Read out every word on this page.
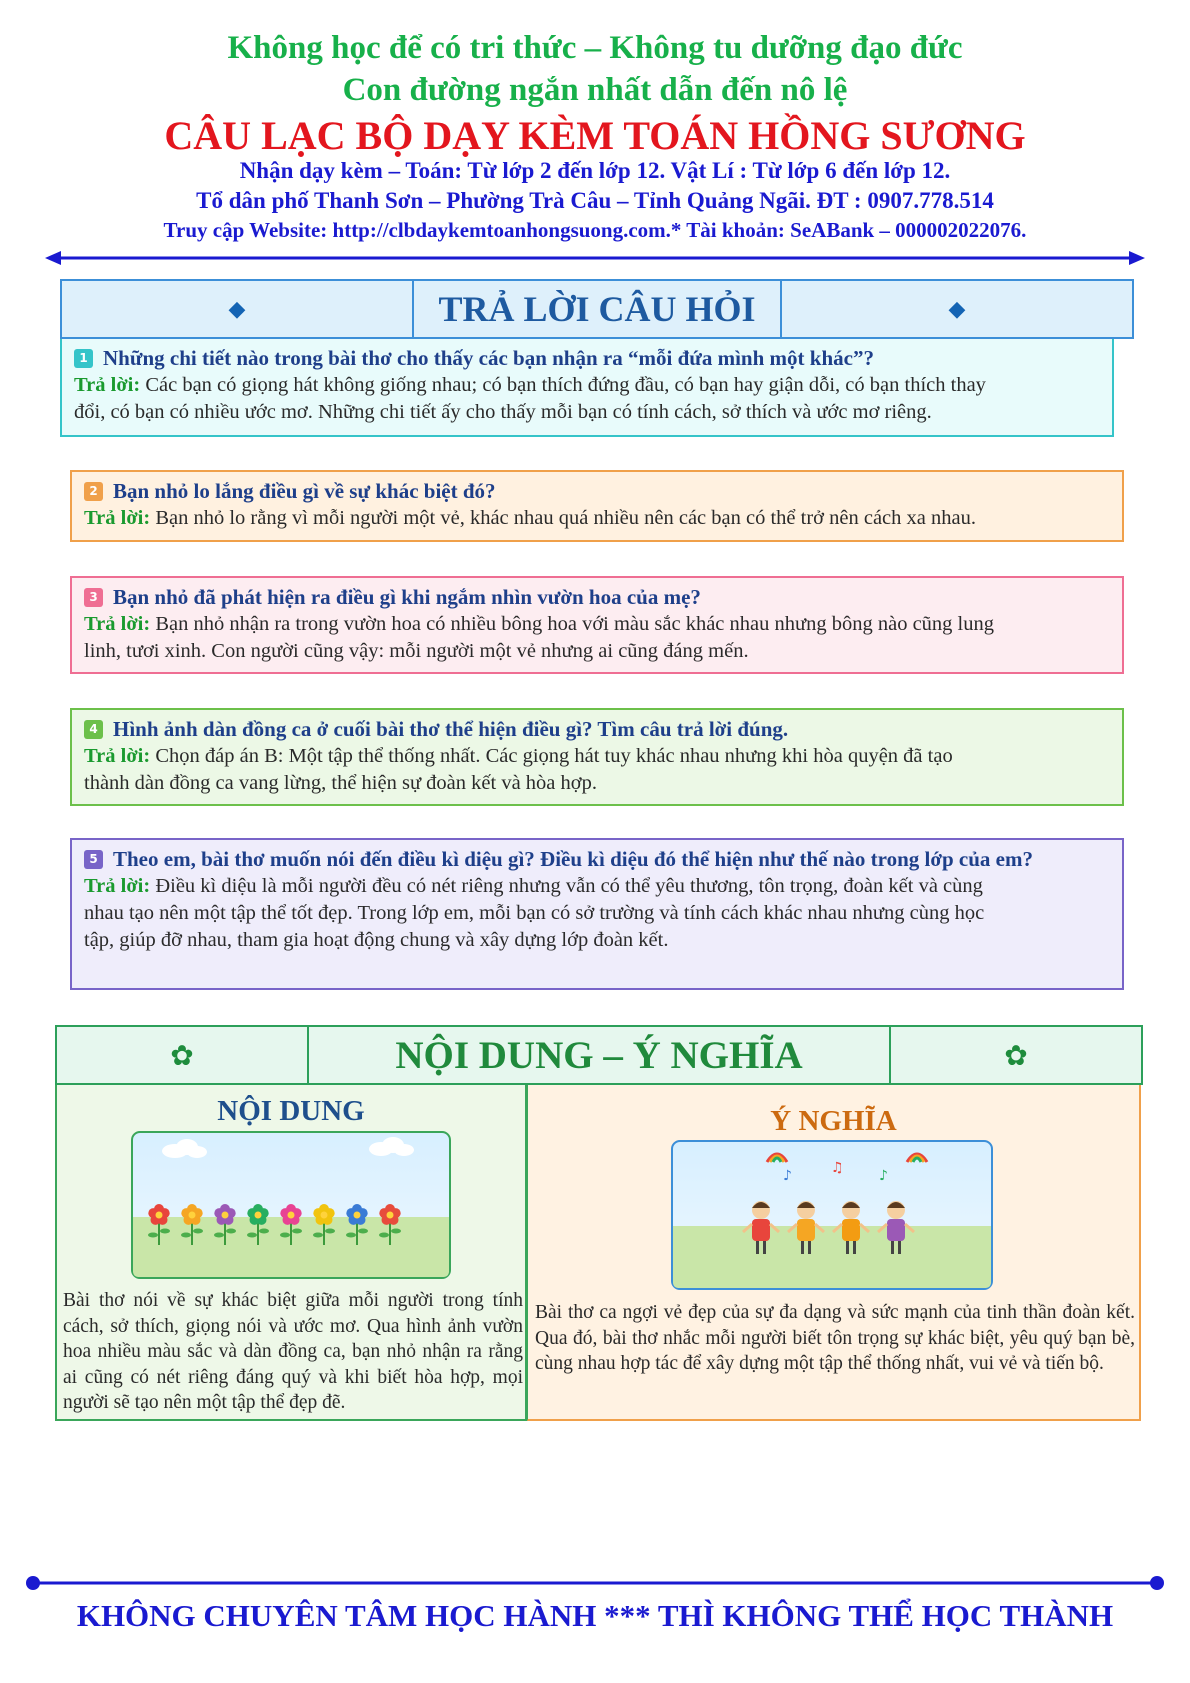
Không học để có tri thức – Không tu dưỡng đạo đức
Con đường ngắn nhất dẫn đến nô lệ
CÂU LẠC BỘ DẠY KÈM TOÁN HỒNG SƯƠNG
Nhận dạy kèm – Toán: Từ lớp 2 đến lớp 12. Vật Lí : Từ lớp 6 đến lớp 12.
Tổ dân phố Thanh Sơn – Phường Trà Câu – Tỉnh Quảng Ngãi. ĐT : 0907.778.514
Truy cập Website: http://clbdaykemtoanhongsuong.com.* Tài khoản: SeABank – 000002022076.
◆	TRẢ LỜI CÂU HỎI	◆
1 Những chi tiết nào trong bài thơ cho thấy các bạn nhận ra “mỗi đứa mình một khác”?
Trả lời: Các bạn có giọng hát không giống nhau; có bạn thích đứng đầu, có bạn hay giận dỗi, có bạn thích thay
đổi, có bạn có nhiều ước mơ. Những chi tiết ấy cho thấy mỗi bạn có tính cách, sở thích và ước mơ riêng.
2 Bạn nhỏ lo lắng điều gì về sự khác biệt đó?
Trả lời: Bạn nhỏ lo rằng vì mỗi người một vẻ, khác nhau quá nhiều nên các bạn có thể trở nên cách xa nhau.
3 Bạn nhỏ đã phát hiện ra điều gì khi ngắm nhìn vườn hoa của mẹ?
Trả lời: Bạn nhỏ nhận ra trong vườn hoa có nhiều bông hoa với màu sắc khác nhau nhưng bông nào cũng lung
linh, tươi xinh. Con người cũng vậy: mỗi người một vẻ nhưng ai cũng đáng mến.
4 Hình ảnh dàn đồng ca ở cuối bài thơ thể hiện điều gì? Tìm câu trả lời đúng.
Trả lời: Chọn đáp án B: Một tập thể thống nhất. Các giọng hát tuy khác nhau nhưng khi hòa quyện đã tạo
thành dàn đồng ca vang lừng, thể hiện sự đoàn kết và hòa hợp.
5 Theo em, bài thơ muốn nói đến điều kì diệu gì? Điều kì diệu đó thể hiện như thế nào trong lớp của em?
Trả lời: Điều kì diệu là mỗi người đều có nét riêng nhưng vẫn có thể yêu thương, tôn trọng, đoàn kết và cùng
nhau tạo nên một tập thể tốt đẹp. Trong lớp em, mỗi bạn có sở trường và tính cách khác nhau nhưng cùng học
tập, giúp đỡ nhau, tham gia hoạt động chung và xây dựng lớp đoàn kết.
✿	NỘI DUNG – Ý NGHĨA	✿
NỘI DUNG
Bài thơ nói về sự khác biệt giữa mỗi người trong tính cách, sở thích, giọng nói và ước mơ. Qua hình ảnh vườn hoa nhiều màu sắc và dàn đồng ca, bạn nhỏ nhận ra rằng ai cũng có nét riêng đáng quý và khi biết hòa hợp, mọi người sẽ tạo nên một tập thể đẹp đẽ.
Ý NGHĨA
♪	♫	♪
Bài thơ ca ngợi vẻ đẹp của sự đa dạng và sức mạnh của tinh thần đoàn kết. Qua đó, bài thơ nhắc mỗi người biết tôn trọng sự khác biệt, yêu quý bạn bè, cùng nhau hợp tác để xây dựng một tập thể thống nhất, vui vẻ và tiến bộ.
KHÔNG CHUYÊN TÂM HỌC HÀNH *** THÌ KHÔNG THỂ HỌC THÀNH
